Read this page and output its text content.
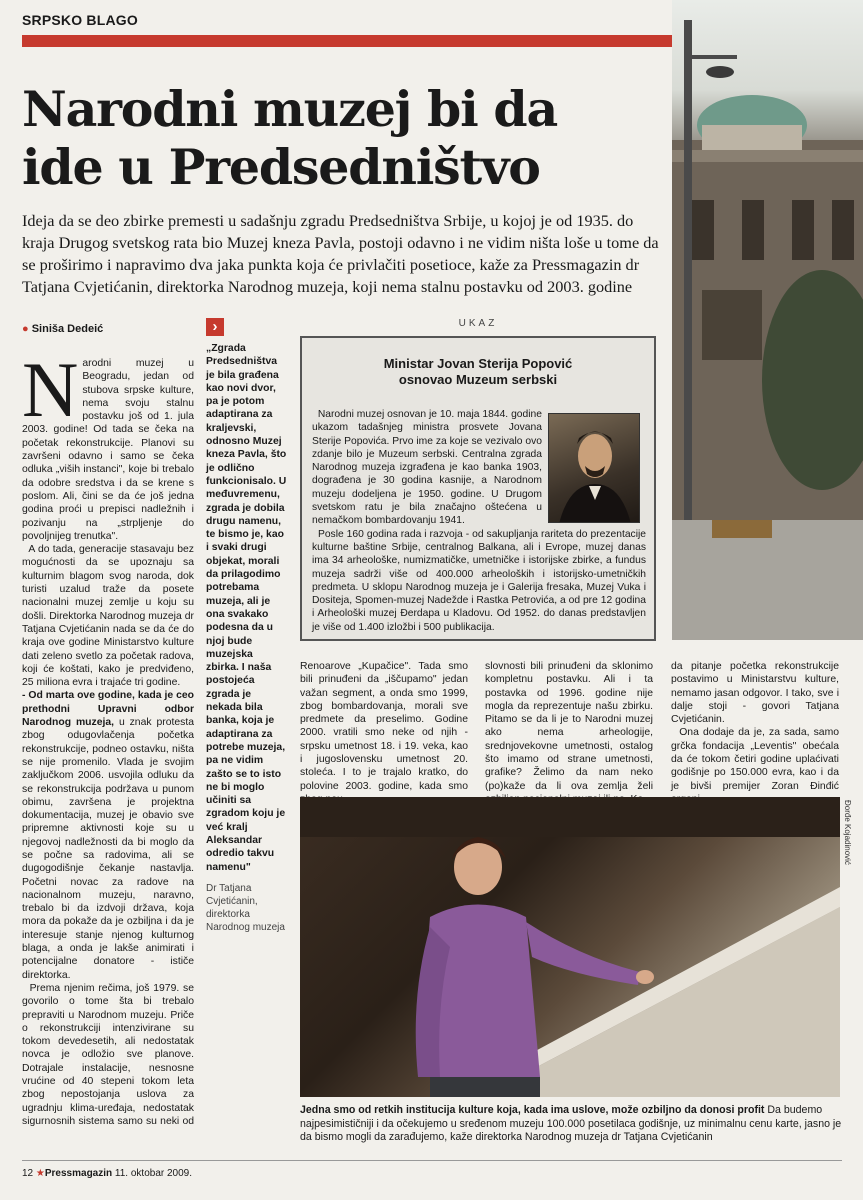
SRPSKO BLAGO
Narodni muzej bi da
ide u Predsedništvo
Ideja da se deo zbirke premesti u sadašnju zgradu Predsedništva Srbije, u kojoj je od 1935. do kraja Drugog svetskog rata bio Muzej kneza Pavla, postoji odavno i ne vidim ništa loše u tome da se proširimo i napravimo dva jaka punkta koja će privlačiti posetioce, kaže za Pressmagazin dr Tatjana Cvjetićanin, direktorka Narodnog muzeja, koji nema stalnu postavku od 2003. godine
● Siniša Dedeić
N arodni muzej u Beogradu, jedan od stubova srpske kulture, nema svoju stalnu postavku još od 1. jula 2003. godine! Od tada se čeka na početak rekonstrukcije. Planovi su završeni odavno i samo se čeka odluka „viših instanci", koje bi trebalo da odobre sredstva i da se krene s poslom. Ali, čini se da će još jedna godina proći u prepisci nadležnih i pozivanju na „strpljenje do povoljnijeg trenutka".

A do tada, generacije stasavaju bez mogućnosti da se upoznaju sa kulturnim blagom svog naroda, dok turisti uzalud traže da posete nacionalni muzej zemlje u koju su došli. Direktorka Narodnog muzeja dr Tatjana Cvjetićanin nada se da će do kraja ove godine Ministarstvo kulture dati zeleno svetlo za početak radova, koji će koštati, kako je predviđeno, 25 miliona evra i trajaće tri godine.

- Od marta ove godine, kada je ceo prethodni Upravni odbor Narodnog muzeja, u znak protesta zbog odugovlačenja početka rekonstrukcije, podneo ostavku, ništa se nije promenilo. Vlada je svojim zaključkom 2006. usvojila odluku da se rekonstrukcija podržava u punom obimu, završena je projektna dokumentacija, muzej je obavio sve pripremne aktivnosti koje su u njegovoj nadležnosti da bi moglo da se počne sa radovima, ali se dugogodišnje čekanje nastavlja. Početni novac za radove na nacionalnom muzeju, naravno, trebalo bi da izdvoji država, koja mora da pokaže da je ozbiljna i da je interesuje stanje njenog kulturnog blaga, a onda je lakše animirati i potencijalne donatore - ističe direktorka.

Prema njenim rečima, još 1979. se govorilo o tome šta bi trebalo prepraviti u Narodnom muzeju. Priče o rekonstrukciji intenzivirane su tokom devedesetih, ali nedostatak novca je odložio sve planove. Dotrajale instalacije, nesnosne vrućine od 40 stepeni tokom leta zbog nepostojanja uslova za ugradnju klima-uređaja, nedostatak sigurnosnih sistema samo su neki od

›
„Zgrada Predsedništva je bila građena kao novi dvor, pa je potom adaptirana za kraljevski, odnosno Muzej kneza Pavla, što je odlično funkcionisalo. U međuvremenu, zgrada je dobila drugu namenu, te bismo je, kao i svaki drugi objekat, morali da prilagodimo potrebama muzeja, ali je ona svakako podesna da u njoj bude muzejska zbirka. I naša postojeća zgrada je nekada bila banka, koja je adaptirana za potrebe muzeja, pa ne vidim zašto se to isto ne bi moglo učiniti sa zgradom koju je već kralj Aleksandar odredio takvu namenu"
Dr Tatjana Cvjetićanin, direktorka Narodnog muzeja
UKAZ
Ministar Jovan Sterija Popović
osnovao Muzeum serbski

Narodni muzej osnovan je 10. maja 1844. godine ukazom tadašnjeg ministra prosvete Jovana Sterije Popovića. Prvo ime za koje se vezivalo ovo zdanje bilo je Muzeum serbski. Centralna zgrada Narodnog muzeja izgrađena je kao banka 1903, dograđena je 30 godina kasnije, a Narodnom muzeju dodeljena je 1950. godine. U Drugom svetskom ratu je bila značajno oštećena u nemačkom bombardovanju 1941.

Posle 160 godina rada i razvoja - od sakupljanja rariteta do prezentacije kulturne baštine Srbije, centralnog Balkana, ali i Evrope, muzej danas ima 34 arheološke, numizmatičke, umetničke i istorijske zbirke, a fundus muzeja sadrži više od 400.000 arheoloških i istorijsko-umetničkih predmeta. U sklopu Narodnog muzeja je i Galerija fresaka, Muzej Vuka i Dositeja, Spomen-muzej Nadežde i Rastka Petrovića, a od pre 12 godina i Arheološki muzej Đerdapa u Kladovu. Od 1952. do danas predstavljen je više od 1.400 izložbi i 500 publikacija.

Renoarove „Kupačice". Tada smo bili prinuđeni da „iščupamo" jedan važan segment, a onda smo 1999, zbog bombardovanja, morali sve predmete da preselimo. Godine 2000. vratili smo neke od njih - srpsku umetnost 18. i 19. veka, kao i jugoslovensku umetnost 20. stoleća. I to je trajalo kratko, do polovine 2003. godine, kada smo
slovnosti bili prinuđeni da sklonimo kompletnu postavku. Ali i ta postavka od 1996. godine nije mogla da reprezentuje našu zbirku. Pitamo se da li je to Narodni muzej ako nema arheologije, srednjovekovne umetnosti, ostalog što imamo od strane umetnosti, grafike? Želimo da nam neko (po)kaže da li ova zemlja želi

da pitanje početka rekonstrukcije postavimo u Ministarstvu kulture, nemamo jasan odgovor. I tako, sve i dalje stoji - govori Tatjana Cvjetićanin.

Ona dodaje da je, za sada, samo grčka fondacija „Leventis" obećala da će tokom četiri godine uplaćivati godišnje po 150.000 evra, kao i da je bivši premijer Zoran Đinđić

Đorđe Kojadinović
Jedna smo od retkih institucija kulture koja, kada ima uslove, može ozbiljno da donosi profit Da budemo najpesimističniji i da očekujemo u sređenom muzeju 100.000 posetilaca godišnje, uz minimalnu cenu karte, jasno je da bismo mogli da zarađujemo, kaže direktorka Narodnog muzeja dr Tatjana Cvjetićanin
12 ★Pressmagazin 11. oktobar 2009.
